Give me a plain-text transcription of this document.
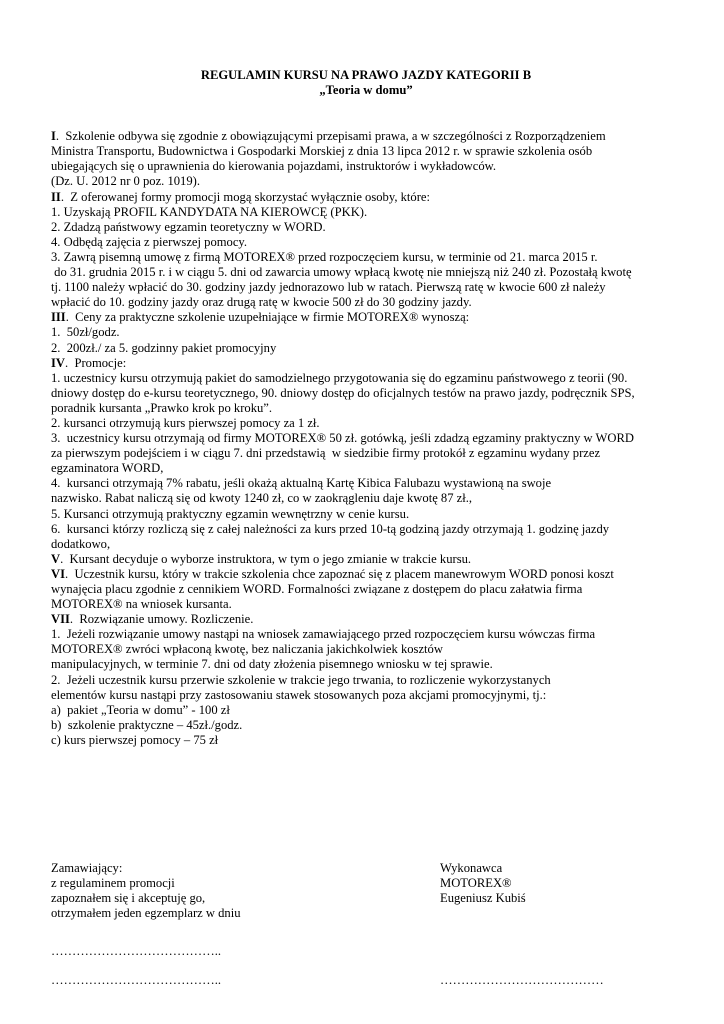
REGULAMIN KURSU NA PRAWO JAZDY KATEGORII B

„Teoria w domu”

I.  Szkolenie odbywa się zgodnie z obowiązującymi przepisami prawa, a w szczególności z Rozporządzeniem

Ministra Transportu, Budownictwa i Gospodarki Morskiej z dnia 13 lipca 2012 r. w sprawie szkolenia osób

ubiegających się o uprawnienia do kierowania pojazdami, instruktorów i wykładowców.

(Dz. U. 2012 nr 0 poz. 1019).

II.  Z oferowanej formy promocji mogą skorzystać wyłącznie osoby, które:

1. Uzyskają PROFIL KANDYDATA NA KIEROWCĘ (PKK).

2. Zdadzą państwowy egzamin teoretyczny w WORD.

4. Odbędą zajęcia z pierwszej pomocy.

3. Zawrą pisemną umowę z firmą MOTOREX® przed rozpoczęciem kursu, w terminie od 21. marca 2015 r.

do 31. grudnia 2015 r. i w ciągu 5. dni od zawarcia umowy wpłacą kwotę nie mniejszą niż 240 zł. Pozostałą kwotę

tj. 1100 należy wpłacić do 30. godziny jazdy jednorazowo lub w ratach. Pierwszą ratę w kwocie 600 zł należy

wpłacić do 10. godziny jazdy oraz drugą ratę w kwocie 500 zł do 30 godziny jazdy.

III.  Ceny za praktyczne szkolenie uzupełniające w firmie MOTOREX® wynoszą:

1.  50zł/godz.

2.  200zł./ za 5. godzinny pakiet promocyjny

IV.  Promocje:

1. uczestnicy kursu otrzymują pakiet do samodzielnego przygotowania się do egzaminu państwowego z teorii (90.

dniowy dostęp do e-kursu teoretycznego, 90. dniowy dostęp do oficjalnych testów na prawo jazdy, podręcznik SPS,

poradnik kursanta „Prawko krok po kroku”.

2. kursanci otrzymują kurs pierwszej pomocy za 1 zł.

3.  uczestnicy kursu otrzymają od firmy MOTOREX® 50 zł. gotówką, jeśli zdadzą egzaminy praktyczny w WORD

za pierwszym podejściem i w ciągu 7. dni przedstawią  w siedzibie firmy protokół z egzaminu wydany przez

egzaminatora WORD,

4.  kursanci otrzymają 7% rabatu, jeśli okażą aktualną Kartę Kibica Falubazu wystawioną na swoje

nazwisko. Rabat naliczą się od kwoty 1240 zł, co w zaokrągleniu daje kwotę 87 zł.,

5. Kursanci otrzymują praktyczny egzamin wewnętrzny w cenie kursu.

6.  kursanci którzy rozliczą się z całej należności za kurs przed 10-tą godziną jazdy otrzymają 1. godzinę jazdy

dodatkowo,

V.  Kursant decyduje o wyborze instruktora, w tym o jego zmianie w trakcie kursu.

VI.  Uczestnik kursu, który w trakcie szkolenia chce zapoznać się z placem manewrowym WORD ponosi koszt

wynajęcia placu zgodnie z cennikiem WORD. Formalności związane z dostępem do placu załatwia firma

MOTOREX® na wniosek kursanta.

VII.  Rozwiązanie umowy. Rozliczenie.

1.  Jeżeli rozwiązanie umowy nastąpi na wniosek zamawiającego przed rozpoczęciem kursu wówczas firma

MOTOREX® zwróci wpłaconą kwotę, bez naliczania jakichkolwiek kosztów

manipulacyjnych, w terminie 7. dni od daty złożenia pisemnego wniosku w tej sprawie.

2.  Jeżeli uczestnik kursu przerwie szkolenie w trakcie jego trwania, to rozliczenie wykorzystanych

elementów kursu nastąpi przy zastosowaniu stawek stosowanych poza akcjami promocyjnymi, tj.:

a)  pakiet „Teoria w domu” - 100 zł

b)  szkolenie praktyczne – 45zł./godz.

c) kurs pierwszej pomocy – 75 zł

Zamawiający:

z regulaminem promocji

zapoznałem się i akceptuję go,

otrzymałem jeden egzemplarz w dniu

Wykonawca

MOTOREX®

Eugeniusz Kubiś

…………………………………..

…………………………………..	…………………………………
